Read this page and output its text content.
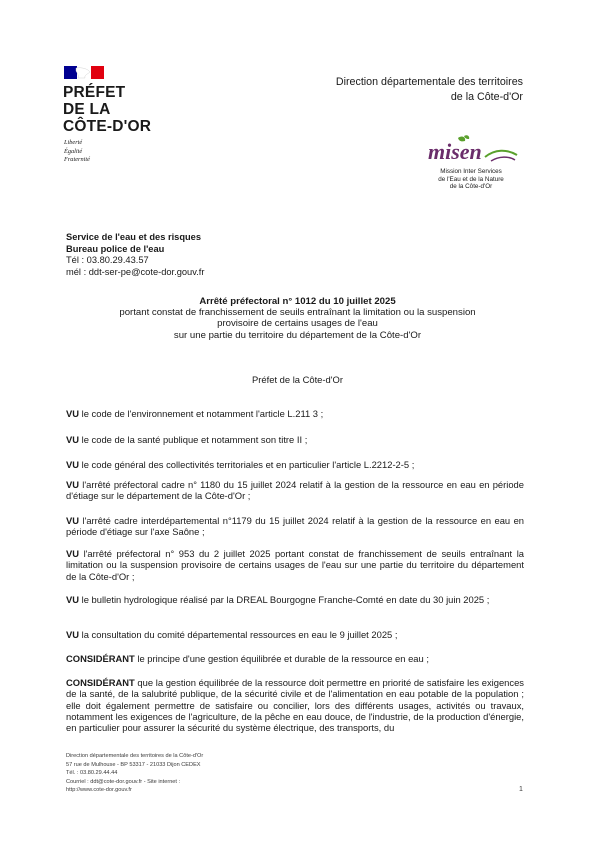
PRÉFET
DE LA
CÔTE-D'OR
Liberté
Égalité
Fraternité
Direction départementale des territoires
de la Côte-d'Or
misen
Mission Inter Services
de l'Eau et de la Nature
de la Côte-d'Or
Service de l'eau et des risques
Bureau police de l'eau
Tél : 03.80.29.43.57
mél : ddt-ser-pe@cote-dor.gouv.fr
Arrêté préfectoral n° 1012 du 10 juillet 2025
portant constat de franchissement de seuils entraînant la limitation ou la suspension
provisoire de certains usages de l'eau
sur une partie du territoire du département de la Côte-d'Or
Préfet de la Côte-d'Or
VU le code de l'environnement et notamment l'article L.211 3 ;
VU le code de la santé publique et notamment son titre II ;
VU le code général des collectivités territoriales et en particulier l'article L.2212-2-5 ;
VU l'arrêté préfectoral cadre n° 1180 du 15 juillet 2024 relatif à la gestion de la ressource en eau en période d'étiage sur le département de la Côte-d'Or ;
VU l'arrêté cadre interdépartemental n°1179 du 15 juillet 2024 relatif à la gestion de la ressource en eau en période d'étiage sur l'axe Saône ;
VU l'arrêté préfectoral n° 953 du 2 juillet 2025 portant constat de franchissement de seuils entraînant la limitation ou la suspension provisoire de certains usages de l'eau sur une partie du territoire du département de la Côte-d'Or ;
VU le bulletin hydrologique réalisé par la DREAL Bourgogne Franche-Comté en date du 30 juin 2025 ;
VU la consultation du comité départemental ressources en eau le 9 juillet 2025 ;
CONSIDÉRANT le principe d'une gestion équilibrée et durable de la ressource en eau ;
CONSIDÉRANT que la gestion équilibrée de la ressource doit permettre en priorité de satisfaire les exigences de la santé, de la salubrité publique, de la sécurité civile et de l'alimentation en eau potable de la population ; elle doit également permettre de satisfaire ou concilier, lors des différents usages, activités ou travaux, notamment les exigences de l'agriculture, de la pêche en eau douce, de l'industrie, de la production d'énergie, en particulier pour assurer la sécurité du système électrique, des transports, du
Direction départementale des territoires de la Côte-d'Or
57 rue de Mulhouse - BP 53317 - 21033 Dijon CEDEX
Tél. : 03.80.29.44.44
Courriel : ddt@cote-dor.gouv.fr - Site internet :
http://www.cote-dor.gouv.fr	1
